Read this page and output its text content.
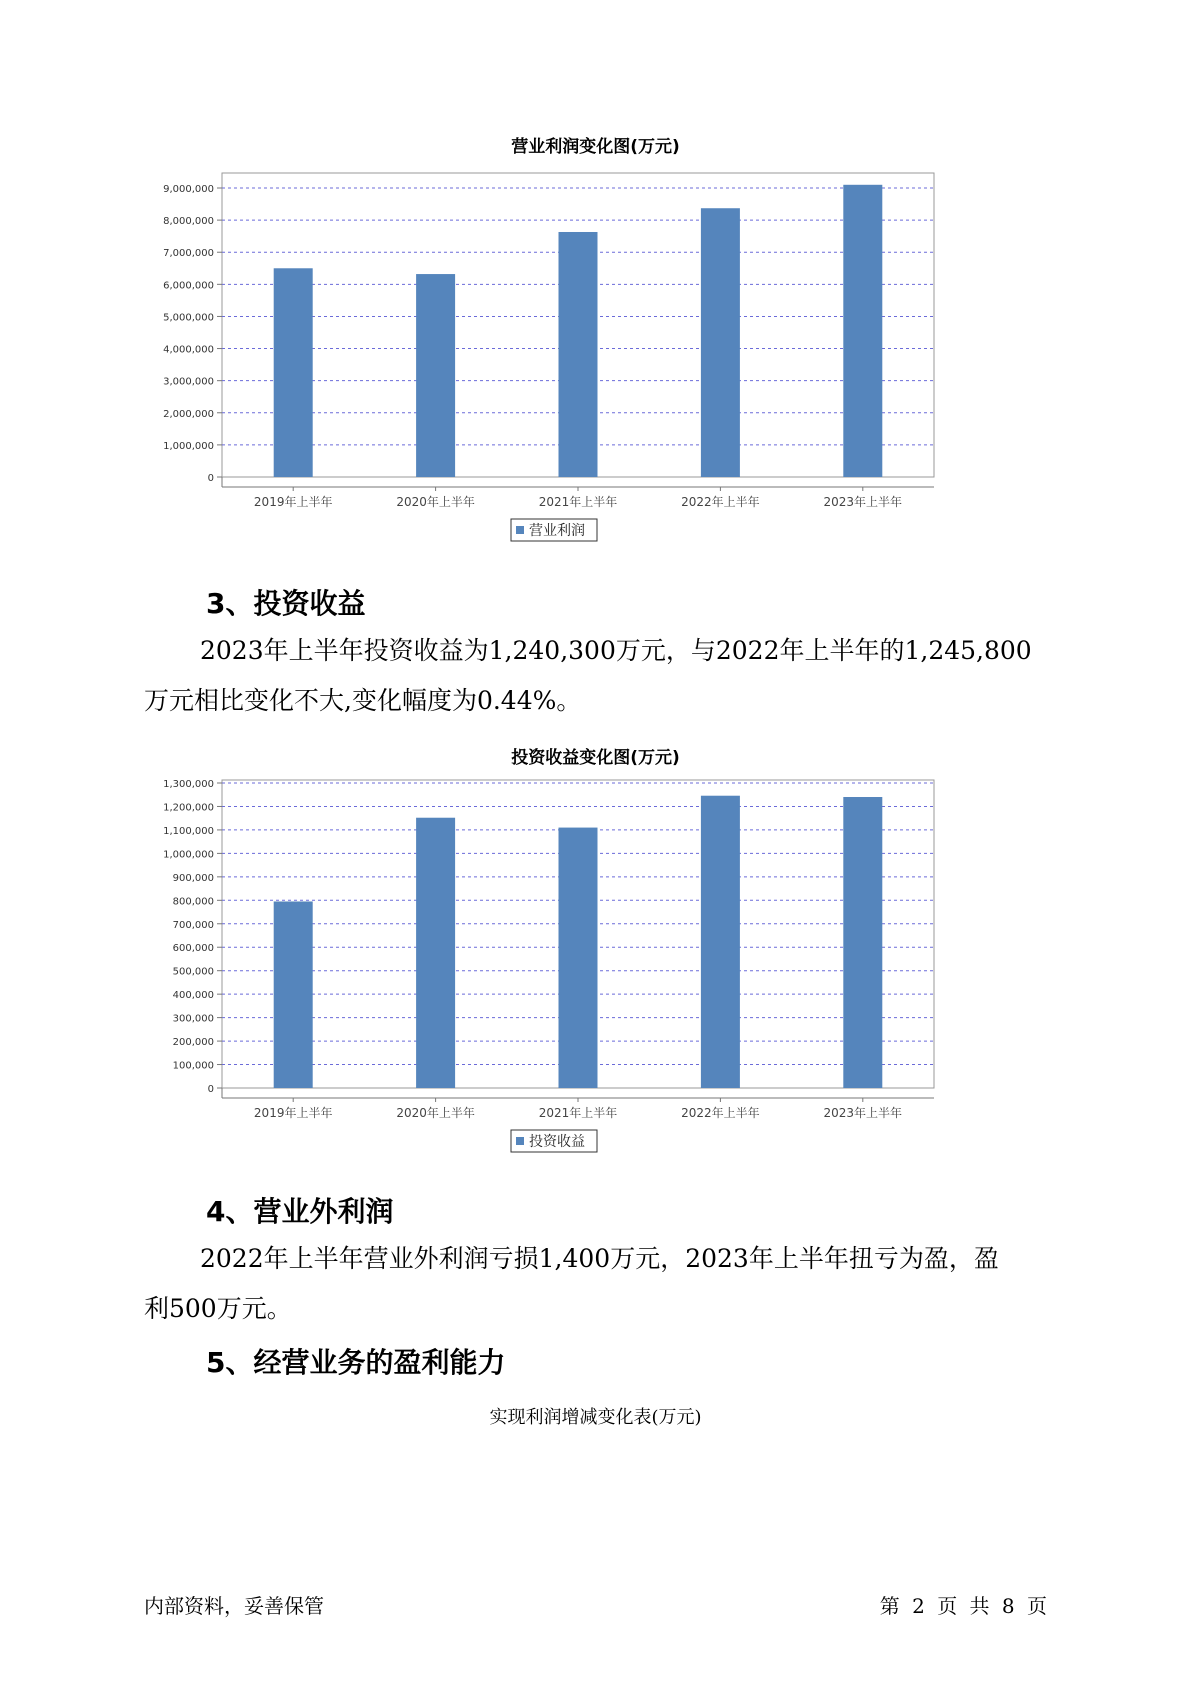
营业利润变化图(万元)
0
1,000,000
2,000,000
3,000,000
4,000,000
5,000,000
6,000,000
7,000,000
8,000,000
9,000,000
2019年上半年	2020年上半年	2021年上半年	2022年上半年	2023年上半年
营业利润
3、投资收益
2023年上半年投资收益为1,240,300万元，与2022年上半年的1,245,800
万元相比变化不大,变化幅度为0.44%。
投资收益变化图(万元)
0
100,000
200,000
300,000
400,000
500,000
600,000
700,000
800,000
900,000
1,000,000
1,100,000
1,200,000
1,300,000
2019年上半年	2020年上半年	2021年上半年	2022年上半年	2023年上半年
投资收益
4、营业外利润
2022年上半年营业外利润亏损1,400万元，2023年上半年扭亏为盈，盈
利500万元。
5、经营业务的盈利能力
实现利润增减变化表(万元)
内部资料，妥善保管	第 2 页 共 8 页
